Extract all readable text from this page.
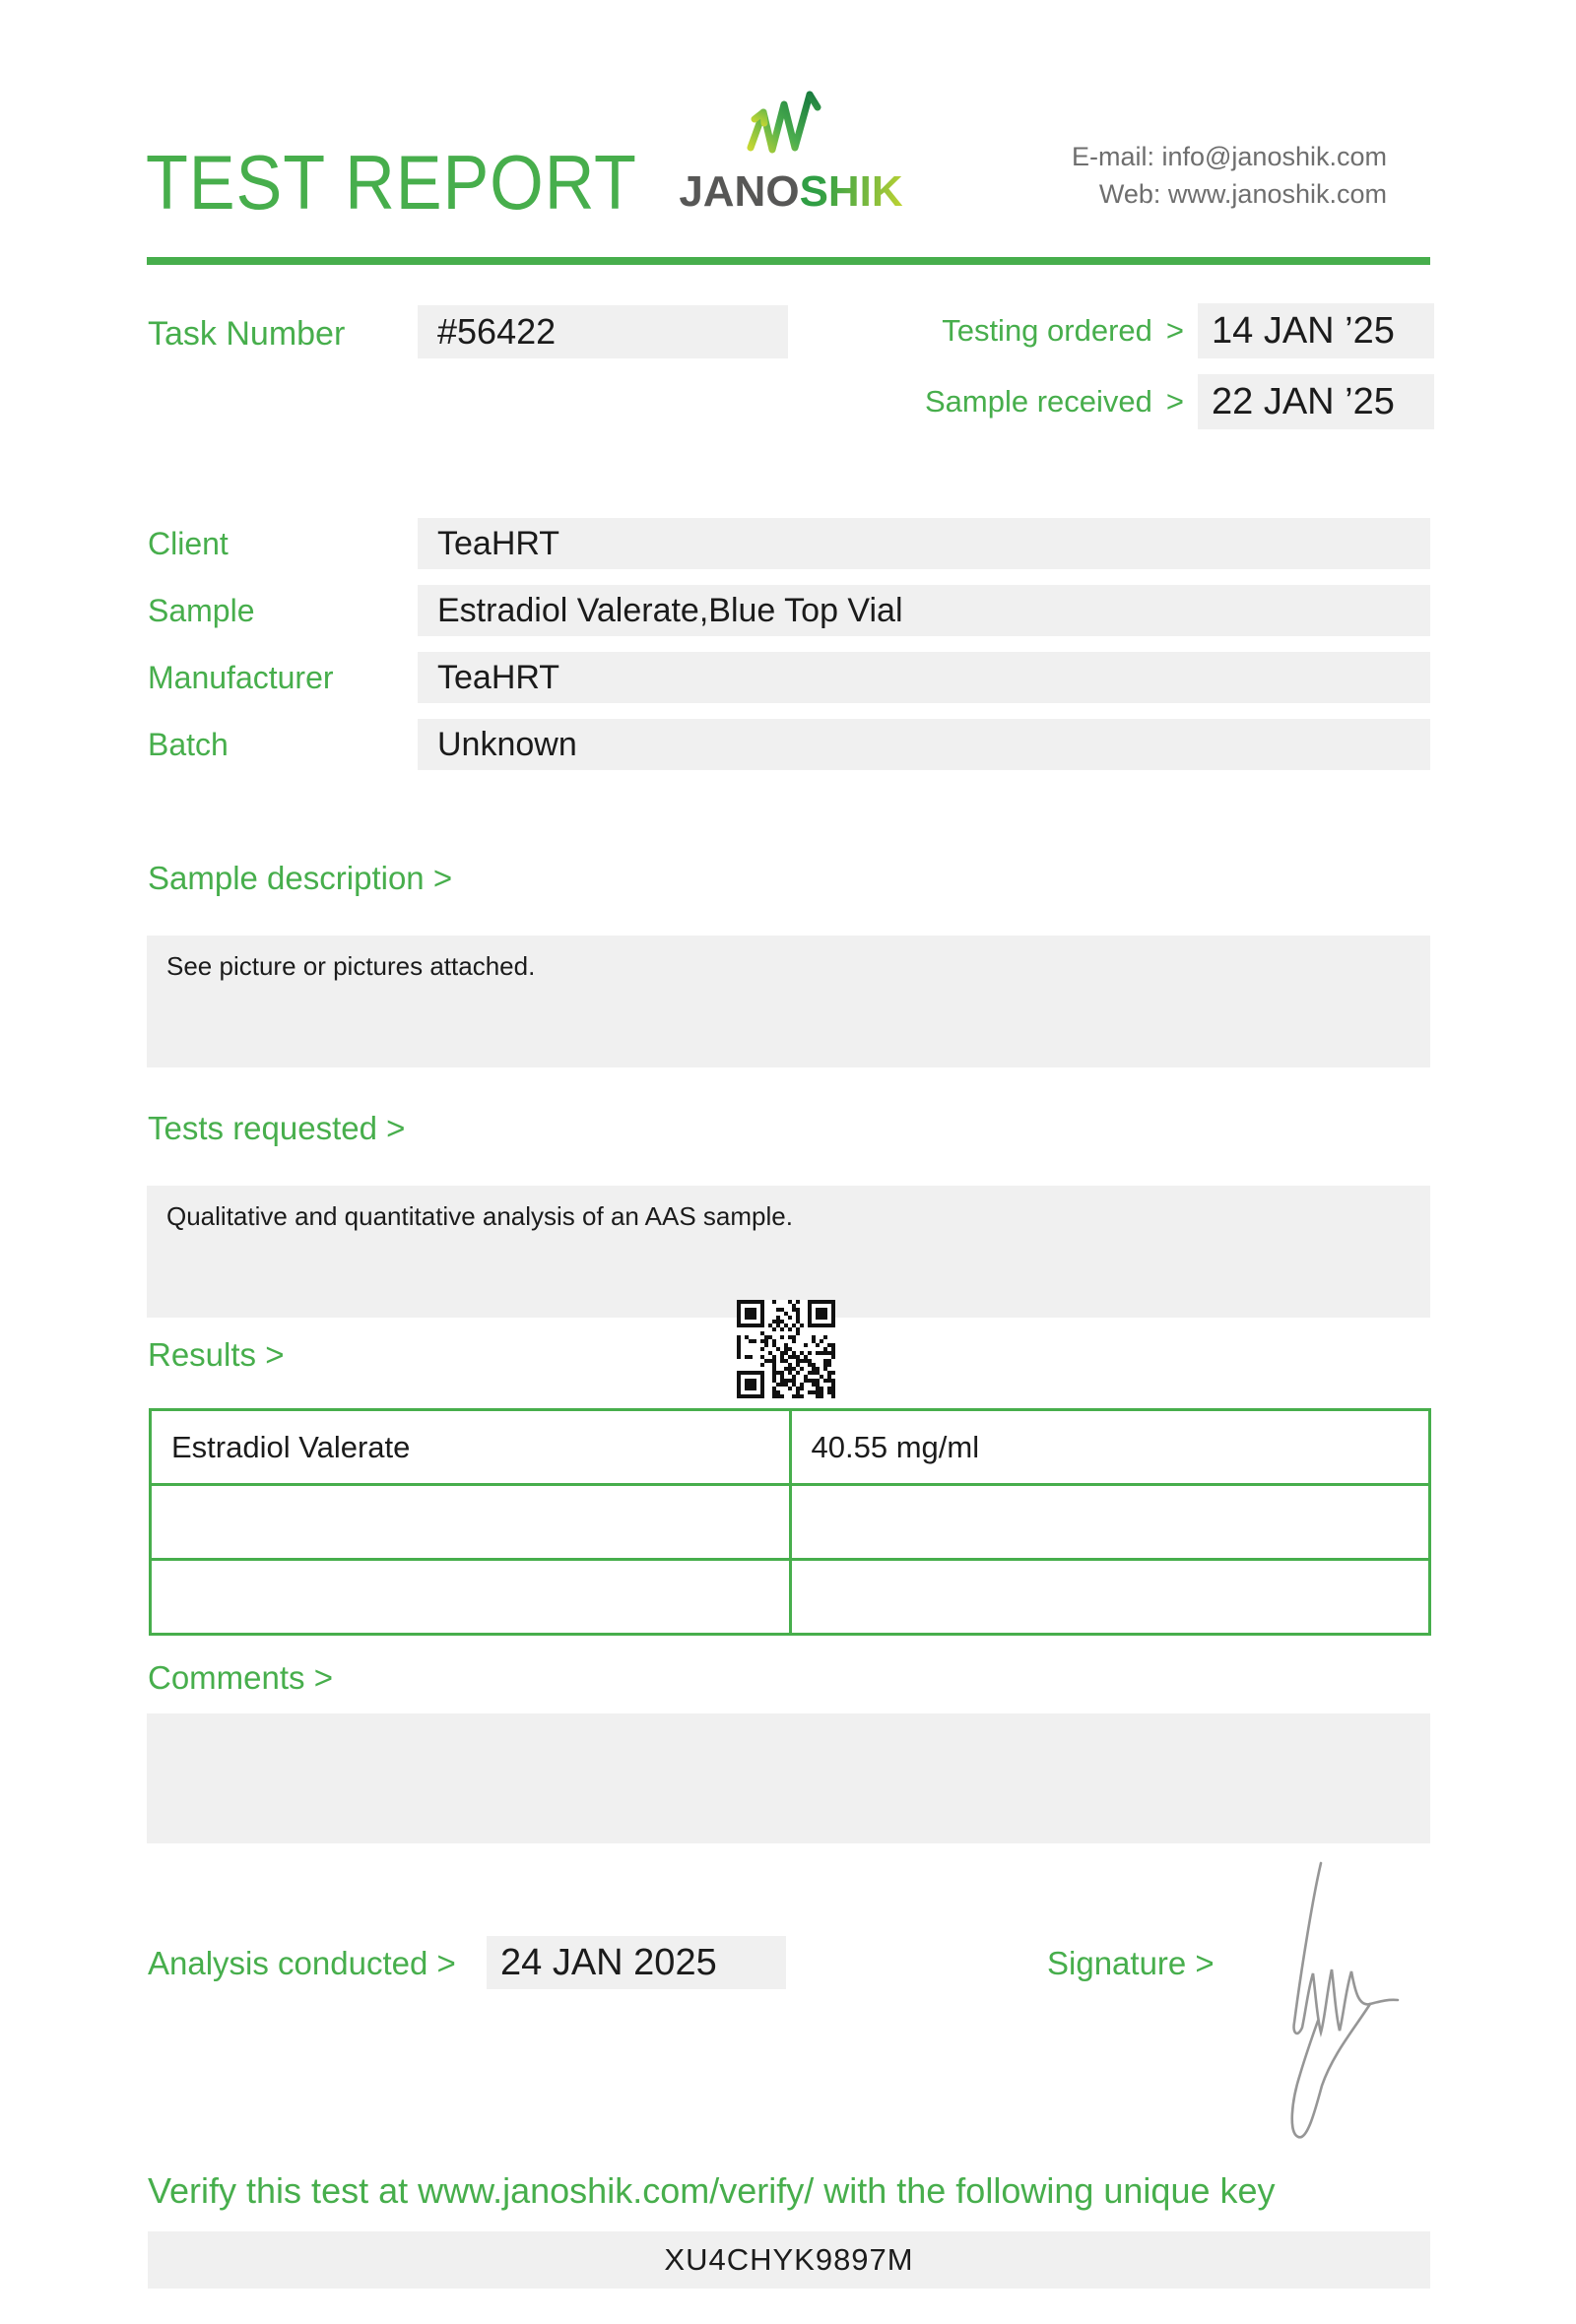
TEST REPORT JANOSHIK
E-mail: info@janoshik.com
Web: www.janoshik.com
Task Number	#56422	Testing ordered > 14 JAN ’25
Sample received > 22 JAN ’25
Client	TeaHRT
Sample	Estradiol Valerate,Blue Top Vial
Manufacturer	TeaHRT
Batch	Unknown
Sample description >
See picture or pictures attached.
Tests requested >
Qualitative and quantitative analysis of an AAS sample.
Results >
Estradiol Valerate	40.55 mg/ml

Comments >
Analysis conducted >	24 JAN 2025	Signature >
Verify this test at www.janoshik.com/verify/ with the following unique key
XU4CHYK9897M
